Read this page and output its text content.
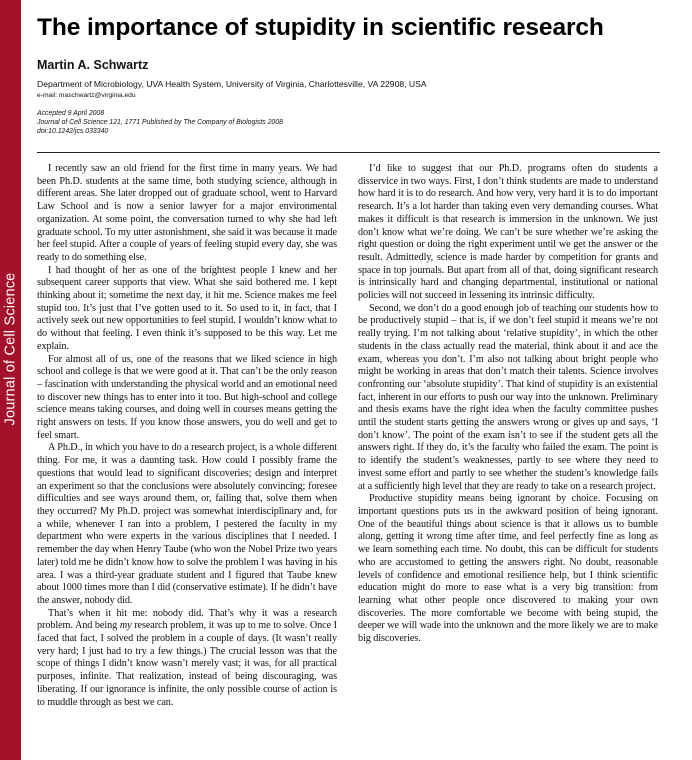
Journal of Cell Science
The importance of stupidity in scientific research
Martin A. Schwartz
Department of Microbiology, UVA Health System, University of Virginia, Charlottesville, VA 22908, USA
e-mail: maschwartz@virginia.edu
Accepted 9 April 2008
Journal of Cell Science 121, 1771 Published by The Company of Biologists 2008
doi:10.1242/jcs.033340

I recently saw an old friend for the first time in many years. We had been Ph.D. students at the same time, both studying science, although in different areas. She later dropped out of graduate school, went to Harvard Law School and is now a senior lawyer for a major environmental organization. At some point, the conversation turned to why she had left graduate school. To my utter astonishment, she said it was because it made her feel stupid. After a couple of years of feeling stupid every day, she was ready to do something else.

I had thought of her as one of the brightest people I knew and her subsequent career supports that view. What she said bothered me. I kept thinking about it; sometime the next day, it hit me. Science makes me feel stupid too. It’s just that I’ve gotten used to it. So used to it, in fact, that I actively seek out new opportunities to feel stupid. I wouldn’t know what to do without that feeling. I even think it’s supposed to be this way. Let me explain.

For almost all of us, one of the reasons that we liked science in high school and college is that we were good at it. That can’t be the only reason – fascination with understanding the physical world and an emotional need to discover new things has to enter into it too. But high-school and college science means taking courses, and doing well in courses means getting the right answers on tests. If you know those answers, you do well and get to feel smart.

A Ph.D., in which you have to do a research project, is a whole different thing. For me, it was a daunting task. How could I possibly frame the questions that would lead to significant discoveries; design and interpret an experiment so that the conclusions were absolutely convincing; foresee difficulties and see ways around them, or, failing that, solve them when they occurred? My Ph.D. project was somewhat interdisciplinary and, for a while, whenever I ran into a problem, I pestered the faculty in my department who were experts in the various disciplines that I needed. I remember the day when Henry Taube (who won the Nobel Prize two years later) told me he didn’t know how to solve the problem I was having in his area. I was a third-year graduate student and I figured that Taube knew about 1000 times more than I did (conservative estimate). If he didn’t have the answer, nobody did.

That’s when it hit me: nobody did. That’s why it was a research problem. And being my research problem, it was up to me to solve. Once I faced that fact, I solved the problem in a couple of days. (It wasn’t really very hard; I just had to try a few things.) The crucial lesson was that the scope of things I didn’t know wasn’t merely vast; it was, for all practical purposes, infinite. That realization, instead of being discouraging, was liberating. If our ignorance is infinite, the only possible course of action is to muddle through as best we can.

I’d like to suggest that our Ph.D. programs often do students a disservice in two ways. First, I don’t think students are made to understand how hard it is to do research. And how very, very hard it is to do important research. It’s a lot harder than taking even very demanding courses. What makes it difficult is that research is immersion in the unknown. We just don’t know what we’re doing. We can’t be sure whether we’re asking the right question or doing the right experiment until we get the answer or the result. Admittedly, science is made harder by competition for grants and space in top journals. But apart from all of that, doing significant research is intrinsically hard and changing departmental, institutional or national policies will not succeed in lessening its intrinsic difficulty.

Second, we don’t do a good enough job of teaching our students how to be productively stupid – that is, if we don’t feel stupid it means we’re not really trying. I’m not talking about ‘relative stupidity’, in which the other students in the class actually read the material, think about it and ace the exam, whereas you don’t. I’m also not talking about bright people who might be working in areas that don’t match their talents. Science involves confronting our ‘absolute stupidity’. That kind of stupidity is an existential fact, inherent in our efforts to push our way into the unknown. Preliminary and thesis exams have the right idea when the faculty committee pushes until the student starts getting the answers wrong or gives up and says, ‘I don’t know’. The point of the exam isn’t to see if the student gets all the answers right. If they do, it’s the faculty who failed the exam. The point is to identify the student’s weaknesses, partly to see where they need to invest some effort and partly to see whether the student’s knowledge fails at a sufficiently high level that they are ready to take on a research project.

Productive stupidity means being ignorant by choice. Focusing on important questions puts us in the awkward position of being ignorant. One of the beautiful things about science is that it allows us to bumble along, getting it wrong time after time, and feel perfectly fine as long as we learn something each time. No doubt, this can be difficult for students who are accustomed to getting the answers right. No doubt, reasonable levels of confidence and emotional resilience help, but I think scientific education might do more to ease what is a very big transition: from learning what other people once discovered to making your own discoveries. The more comfortable we become with being stupid, the deeper we will wade into the unknown and the more likely we are to make big discoveries.
